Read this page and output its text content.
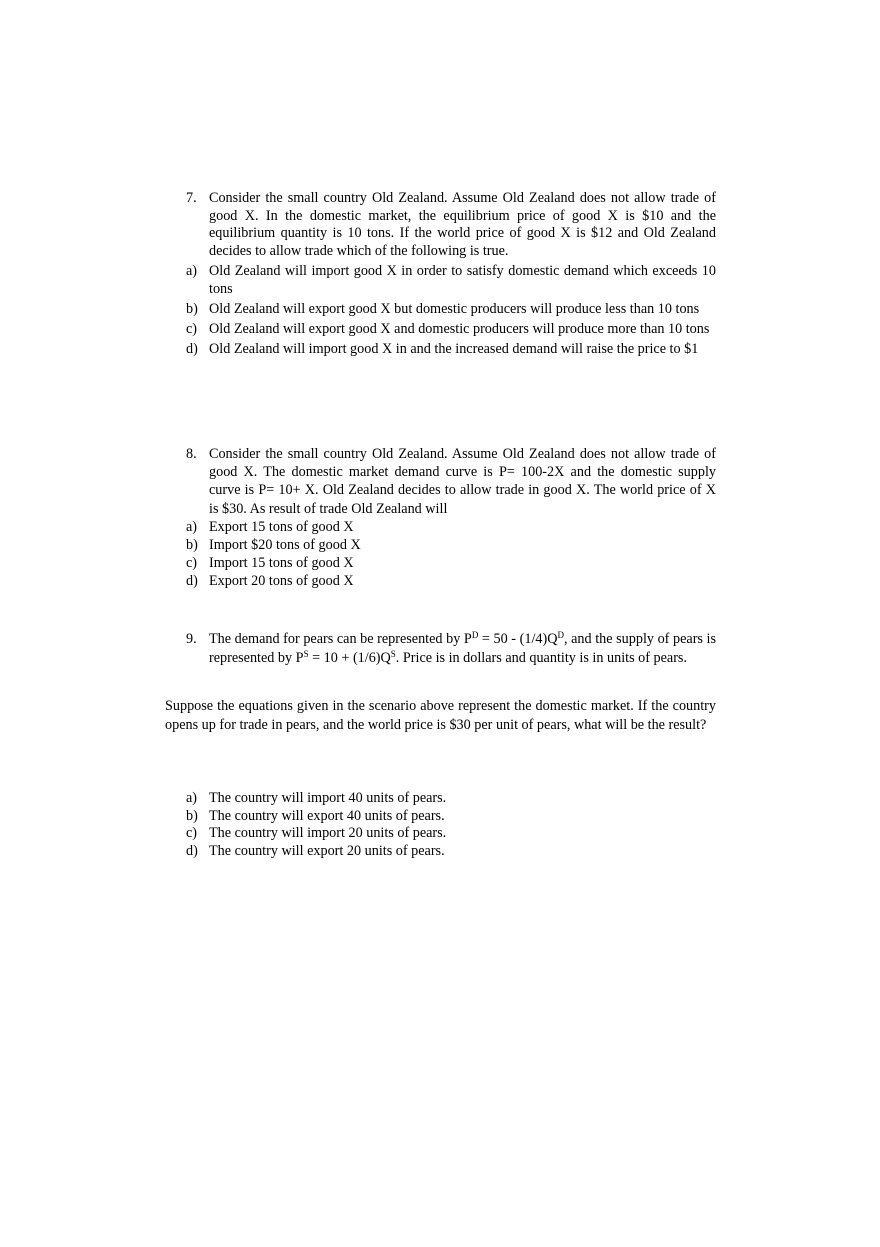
7. Consider the small country Old Zealand. Assume Old Zealand does not allow trade of good X. In the domestic market, the equilibrium price of good X is $10 and the equilibrium quantity is 10 tons. If the world price of good X is $12 and Old Zealand decides to allow trade which of the following is true.
a) Old Zealand will import good X in order to satisfy domestic demand which exceeds 10 tons
b) Old Zealand will export good X but domestic producers will produce less than 10 tons
c) Old Zealand will export good X and domestic producers will produce more than 10 tons
d) Old Zealand will import good X in and the increased demand will raise the price to $1
8. Consider the small country Old Zealand. Assume Old Zealand does not allow trade of good X. The domestic market demand curve is P= 100-2X and the domestic supply curve is P= 10+ X. Old Zealand decides to allow trade in good X. The world price of X is $30. As result of trade Old Zealand will
a) Export 15 tons of good X
b) Import $20 tons of good X
c) Import 15 tons of good X
d) Export 20 tons of good X
9. The demand for pears can be represented by $P^D = 50 - (1/4)Q^D$, and the supply of pears is represented by $P^S = 10 + (1/6)Q^S$. Price is in dollars and quantity is in units of pears.
Suppose the equations given in the scenario above represent the domestic market. If the country opens up for trade in pears, and the world price is $30 per unit of pears, what will be the result?
a) The country will import 40 units of pears.
b) The country will export 40 units of pears.
c) The country will import 20 units of pears.
d) The country will export 20 units of pears.
